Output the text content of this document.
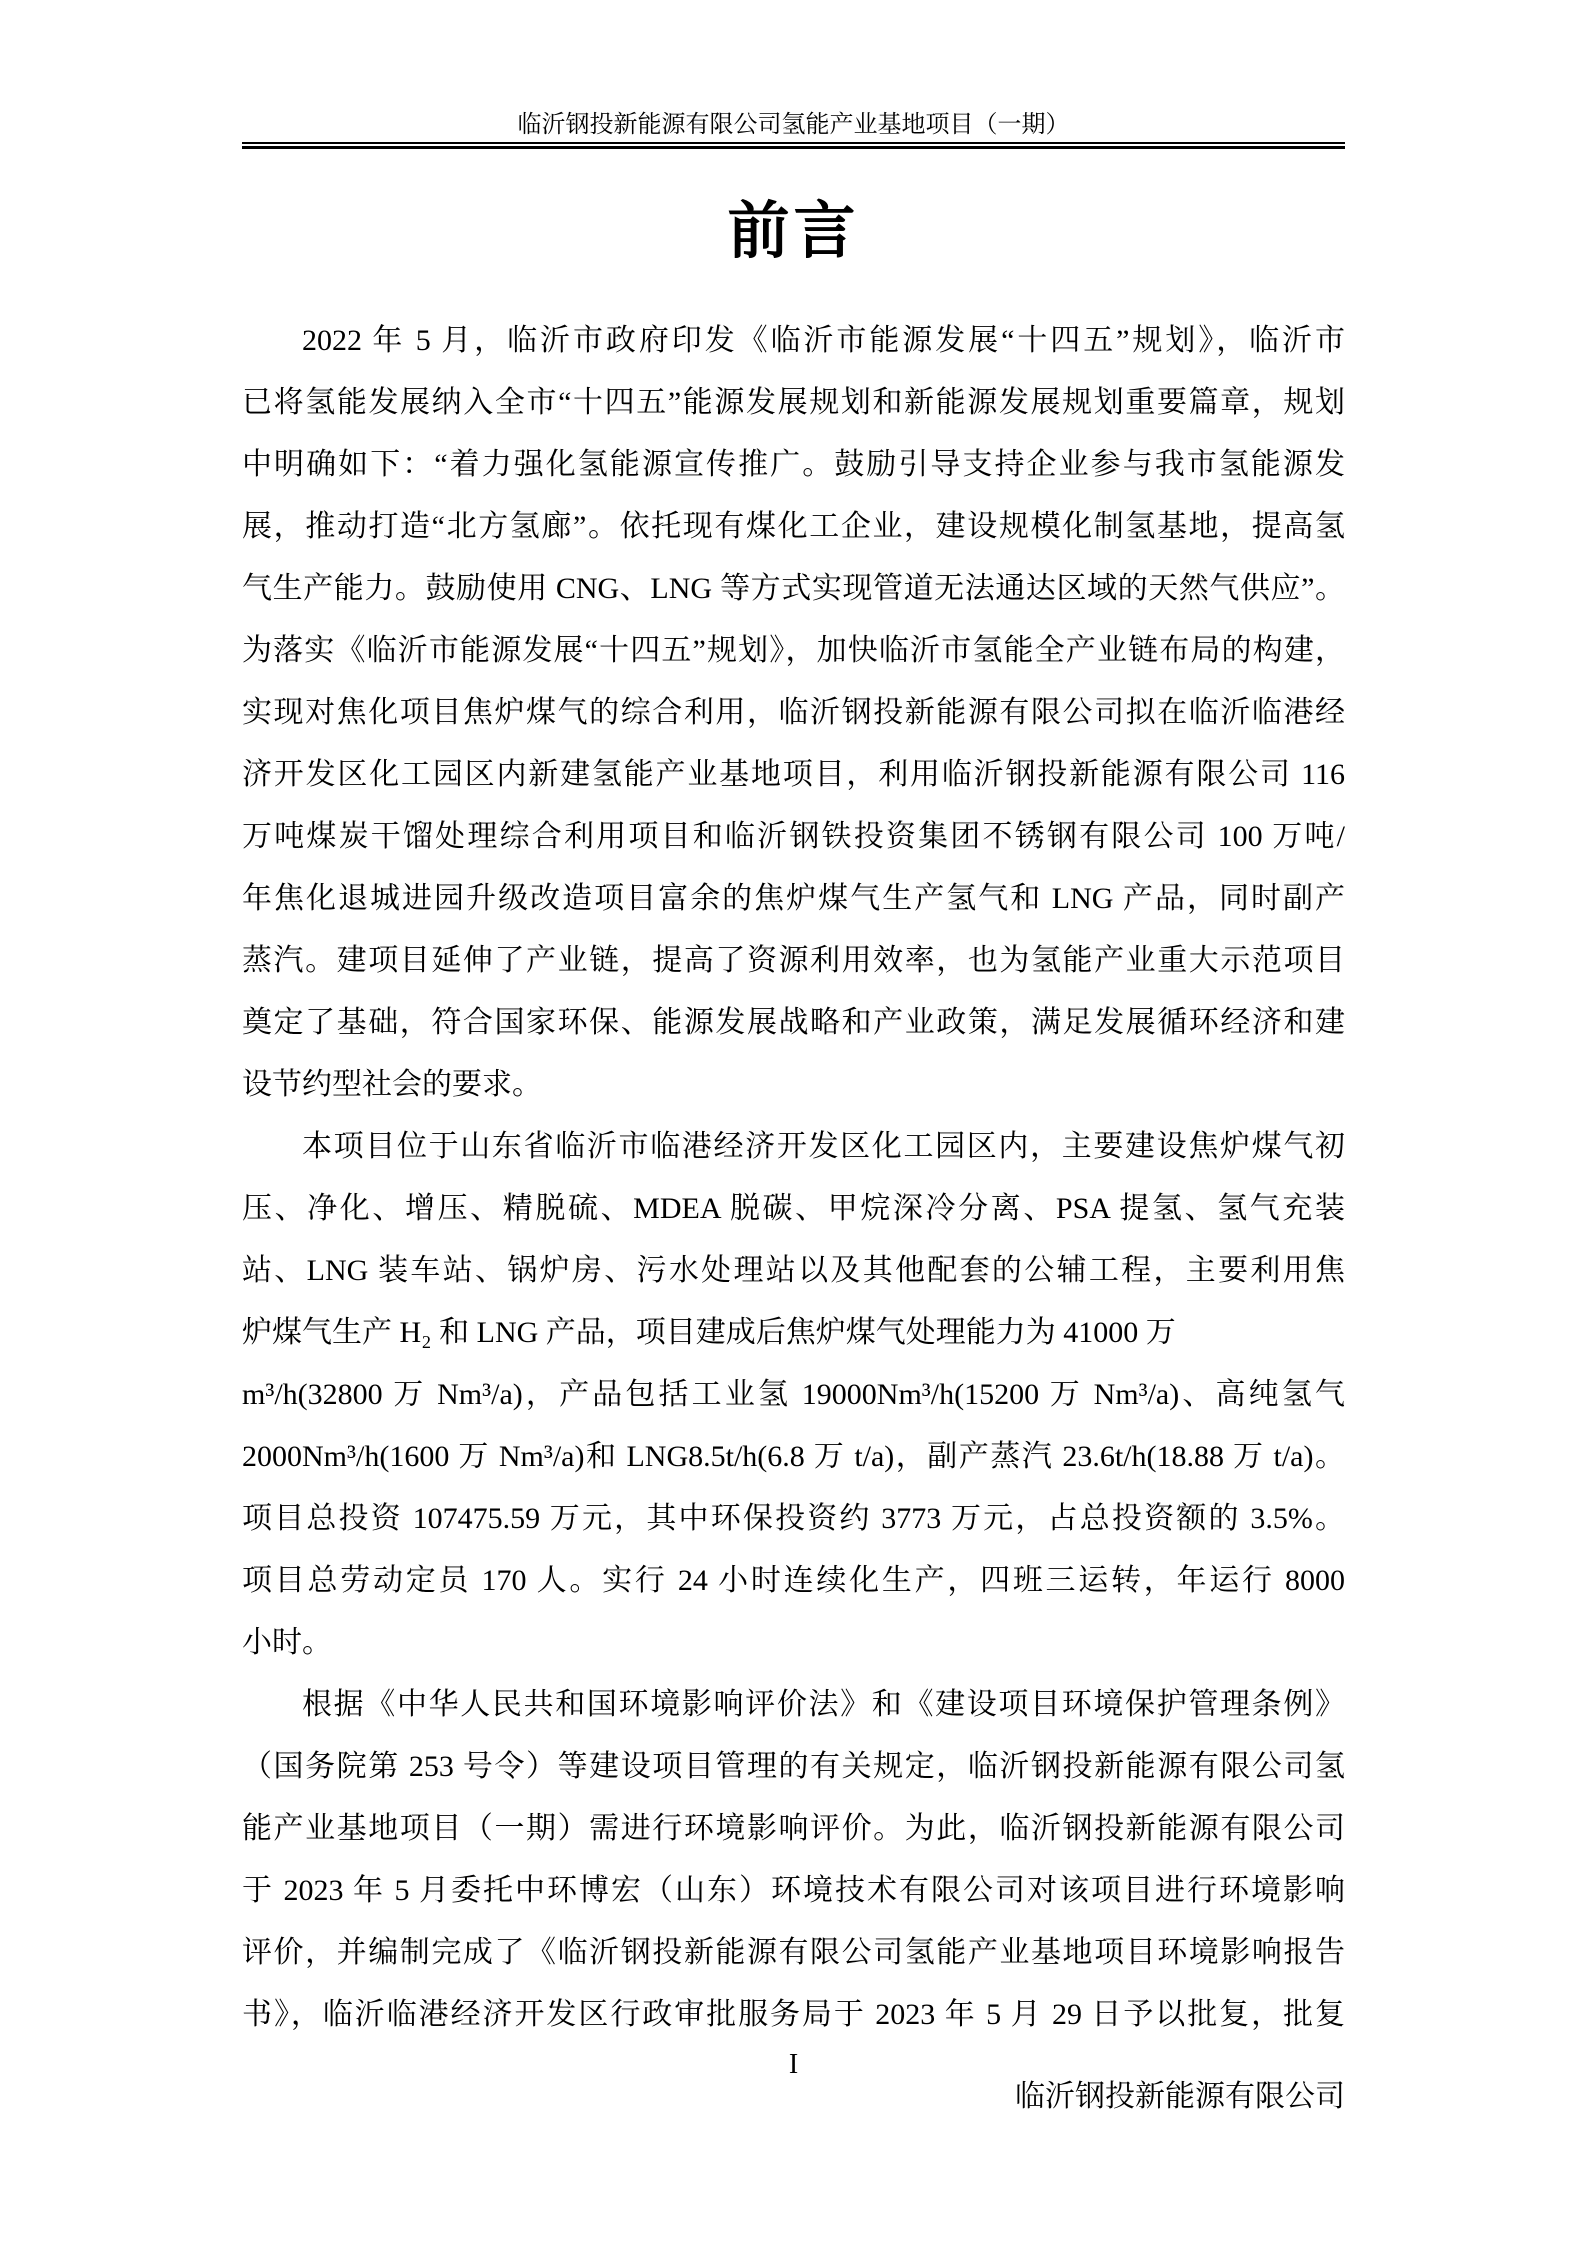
临沂钢投新能源有限公司氢能产业基地项目（一期）
前言
2022 年 5 月，临沂市政府印发《临沂市能源发展“十四五”规划》，临沂市
已将氢能发展纳入全市“十四五”能源发展规划和新能源发展规划重要篇章，规划
中明确如下：“着力强化氢能源宣传推广。鼓励引导支持企业参与我市氢能源发
展，推动打造“北方氢廊”。依托现有煤化工企业，建设规模化制氢基地，提高氢
气生产能力。鼓励使用 CNG、LNG 等方式实现管道无法通达区域的天然气供应”。
为落实《临沂市能源发展“十四五”规划》，加快临沂市氢能全产业链布局的构建，
实现对焦化项目焦炉煤气的综合利用，临沂钢投新能源有限公司拟在临沂临港经
济开发区化工园区内新建氢能产业基地项目，利用临沂钢投新能源有限公司 116
万吨煤炭干馏处理综合利用项目和临沂钢铁投资集团不锈钢有限公司 100 万吨/
年焦化退城进园升级改造项目富余的焦炉煤气生产氢气和 LNG 产品，同时副产
蒸汽。建项目延伸了产业链，提高了资源利用效率，也为氢能产业重大示范项目
奠定了基础，符合国家环保、能源发展战略和产业政策，满足发展循环经济和建
设节约型社会的要求。
本项目位于山东省临沂市临港经济开发区化工园区内，主要建设焦炉煤气初
压、净化、增压、精脱硫、MDEA 脱碳、甲烷深冷分离、PSA 提氢、氢气充装
站、LNG 装车站、锅炉房、污水处理站以及其他配套的公辅工程，主要利用焦
炉煤气生产 H₂ 和 LNG 产品，项目建成后焦炉煤气处理能力为 41000 万
m³/h(32800 万 Nm³/a)，产品包括工业氢 19000Nm³/h(15200 万 Nm³/a)、高纯氢气
2000Nm³/h(1600 万 Nm³/a)和 LNG8.5t/h(6.8 万 t/a)，副产蒸汽 23.6t/h(18.88 万 t/a)。
项目总投资 107475.59 万元，其中环保投资约 3773 万元，占总投资额的 3.5%。
项目总劳动定员 170 人。实行 24 小时连续化生产，四班三运转，年运行 8000
小时。
根据《中华人民共和国环境影响评价法》和《建设项目环境保护管理条例》
（国务院第 253 号令）等建设项目管理的有关规定，临沂钢投新能源有限公司氢
能产业基地项目（一期）需进行环境影响评价。为此，临沂钢投新能源有限公司
于 2023 年 5 月委托中环博宏（山东）环境技术有限公司对该项目进行环境影响
评价，并编制完成了《临沂钢投新能源有限公司氢能产业基地项目环境影响报告
书》，临沂临港经济开发区行政审批服务局于 2023 年 5 月 29 日予以批复，批复
I
临沂钢投新能源有限公司
